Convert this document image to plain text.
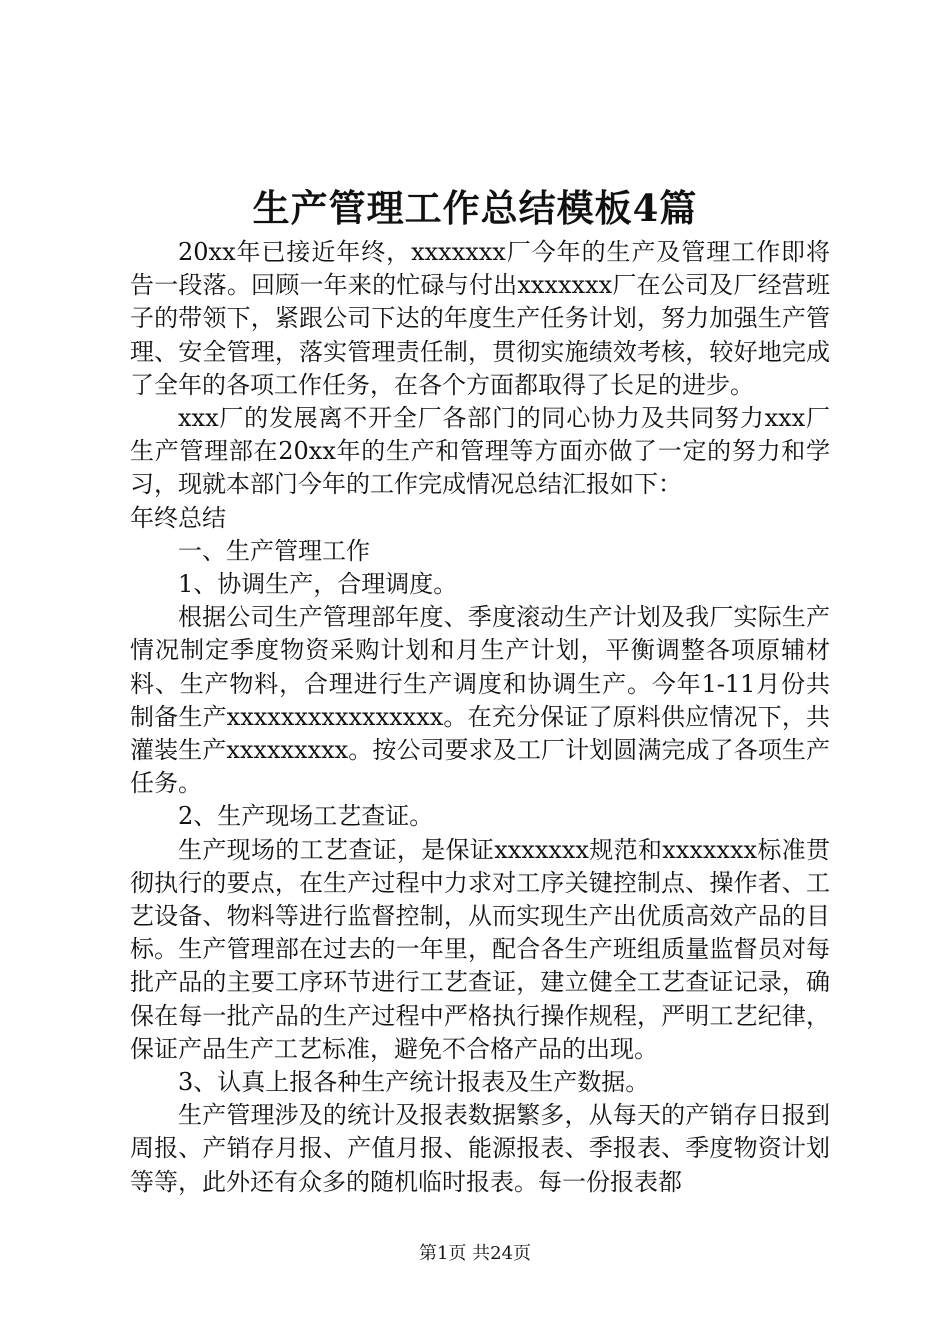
生产管理工作总结模板4篇

20xx年已接近年终，xxxxxxx厂今年的生产及管理工作即将告一段落。回顾一年来的忙碌与付出xxxxxxx厂在公司及厂经营班子的带领下，紧跟公司下达的年度生产任务计划，努力加强生产管理、安全管理，落实管理责任制，贯彻实施绩效考核，较好地完成了全年的各项工作任务，在各个方面都取得了长足的进步。

xxx厂的发展离不开全厂各部门的同心协力及共同努力xxx厂生产管理部在20xx年的生产和管理等方面亦做了一定的努力和学习，现就本部门今年的工作完成情况总结汇报如下：

年终总结

一、生产管理工作

1、协调生产，合理调度。

根据公司生产管理部年度、季度滚动生产计划及我厂实际生产情况制定季度物资采购计划和月生产计划，平衡调整各项原辅材料、生产物料，合理进行生产调度和协调生产。今年1-11月份共制备生产xxxxxxxxxxxxxxxx。在充分保证了原料供应情况下，共灌装生产xxxxxxxxx。按公司要求及工厂计划圆满完成了各项生产任务。

2、生产现场工艺查证。

生产现场的工艺查证，是保证xxxxxxx规范和xxxxxxx标准贯彻执行的要点，在生产过程中力求对工序关键控制点、操作者、工艺设备、物料等进行监督控制，从而实现生产出优质高效产品的目标。生产管理部在过去的一年里，配合各生产班组质量监督员对每批产品的主要工序环节进行工艺查证，建立健全工艺查证记录，确保在每一批产品的生产过程中严格执行操作规程，严明工艺纪律，保证产品生产工艺标准，避免不合格产品的出现。

3、认真上报各种生产统计报表及生产数据。

生产管理涉及的统计及报表数据繁多，从每天的产销存日报到周报、产销存月报、产值月报、能源报表、季报表、季度物资计划等等，此外还有众多的随机临时报表。每一份报表都

第1页 共24页
